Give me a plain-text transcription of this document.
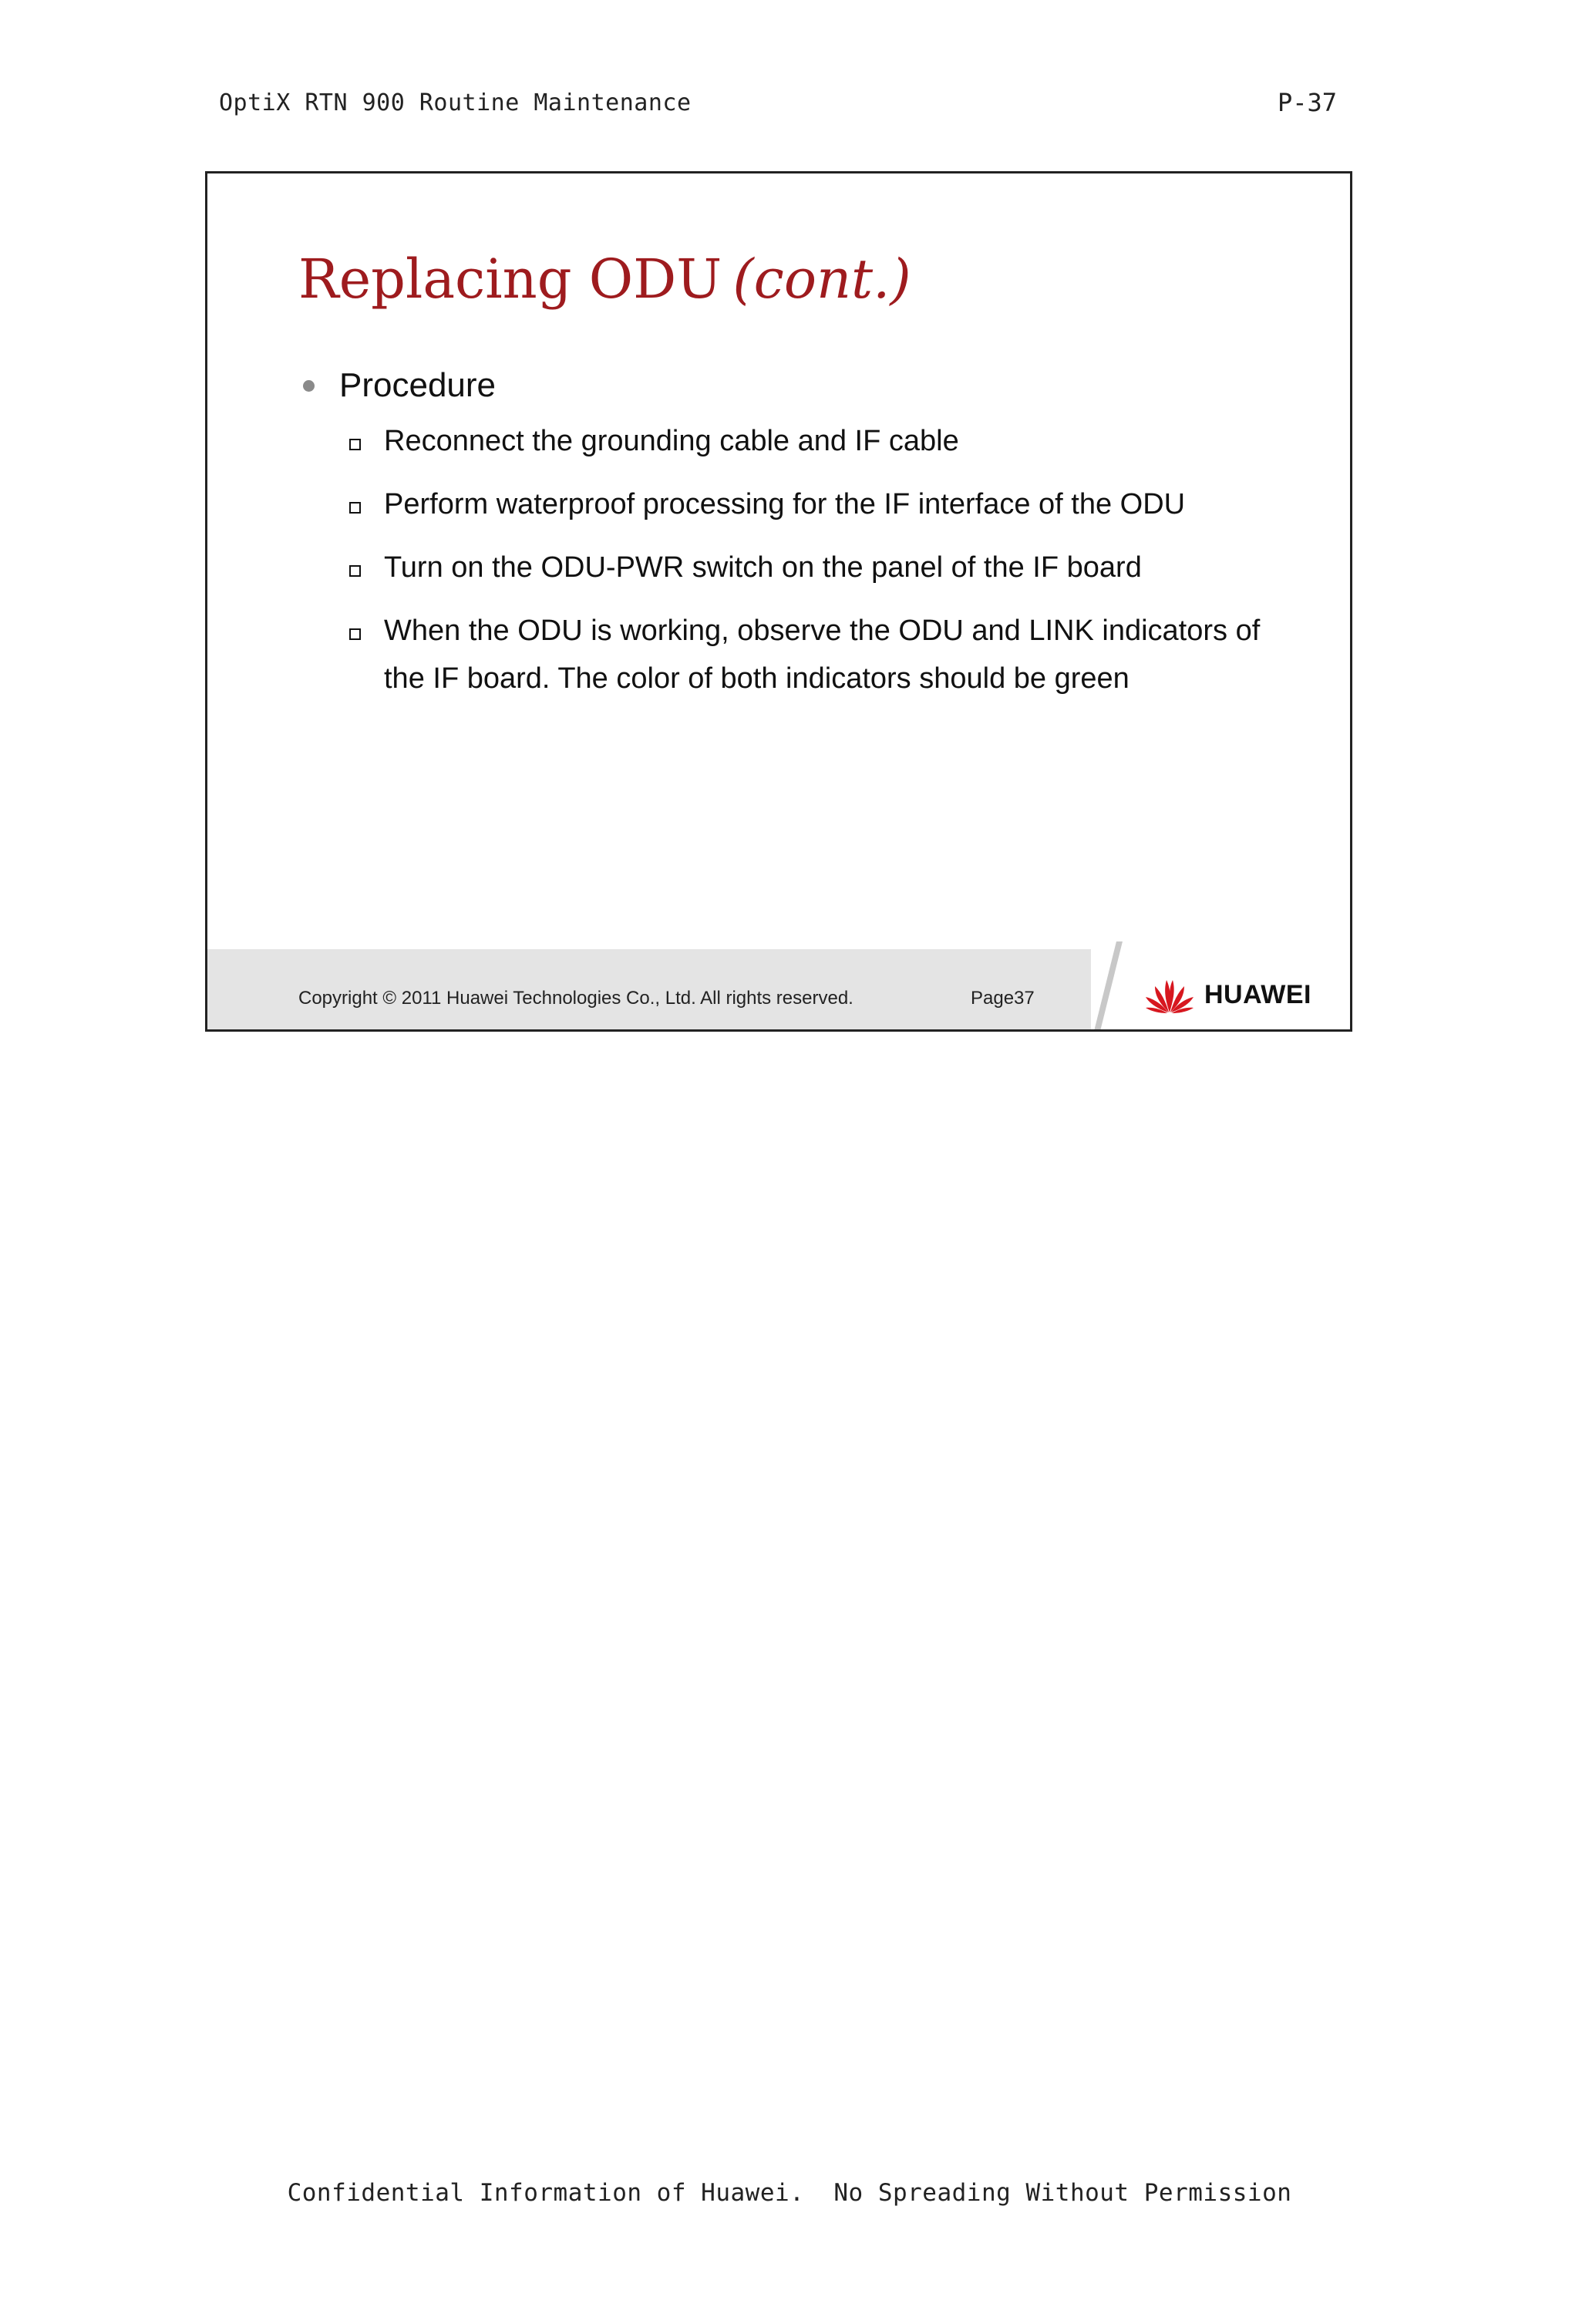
OptiX RTN 900 Routine Maintenance	P-37
Replacing ODU (cont.)
Procedure
Reconnect the grounding cable and IF cable
Perform waterproof processing for the IF interface of the ODU
Turn on the ODU-PWR switch on the panel of the IF board
When the ODU is working, observe the ODU and LINK indicators of the IF board. The color of both indicators should be green
Copyright © 2011 Huawei Technologies Co., Ltd. All rights reserved.	Page37	HUAWEI
Confidential Information of Huawei. No Spreading Without Permission
